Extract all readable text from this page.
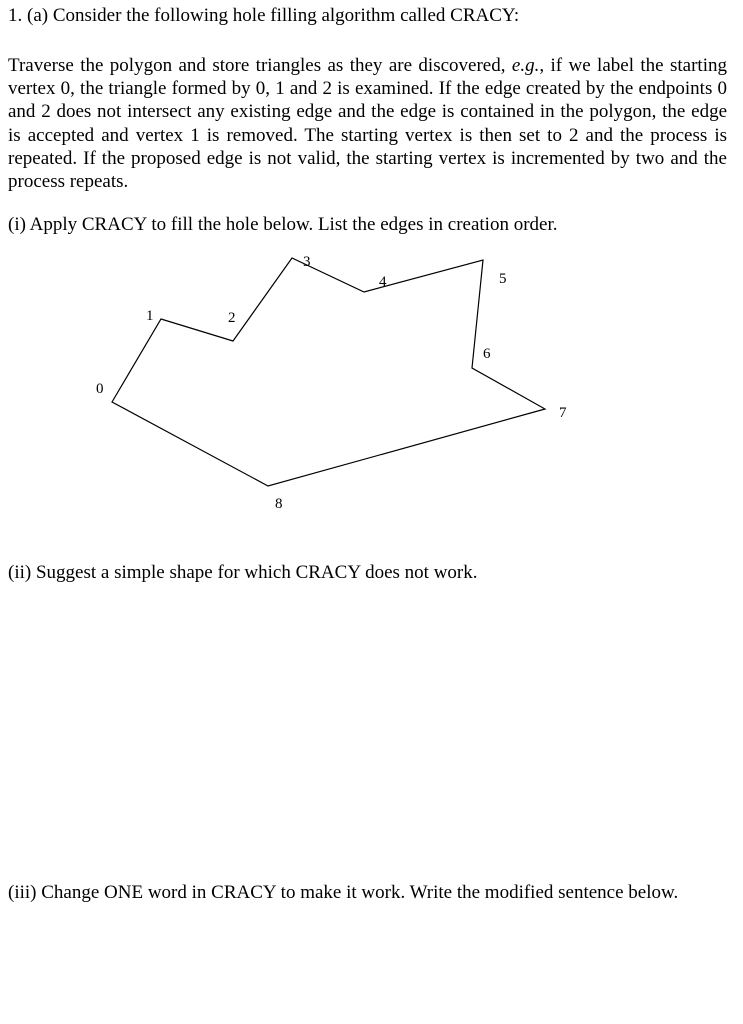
1. (a) Consider the following hole filling algorithm called CRACY:
Traverse the polygon and store triangles as they are discovered, e.g., if we label the starting vertex 0, the triangle formed by 0, 1 and 2 is examined. If the edge created by the endpoints 0 and 2 does not intersect any existing edge and the edge is contained in the polygon, the edge is accepted and vertex 1 is removed. The starting vertex is then set to 2 and the process is repeated. If the proposed edge is not valid, the starting vertex is incremented by two and the process repeats.
(i) Apply CRACY to fill the hole below. List the edges in creation order.
0
1	2
3
4	5
6
7
8
(ii) Suggest a simple shape for which CRACY does not work.
(iii) Change ONE word in CRACY to make it work. Write the modified sentence below.
